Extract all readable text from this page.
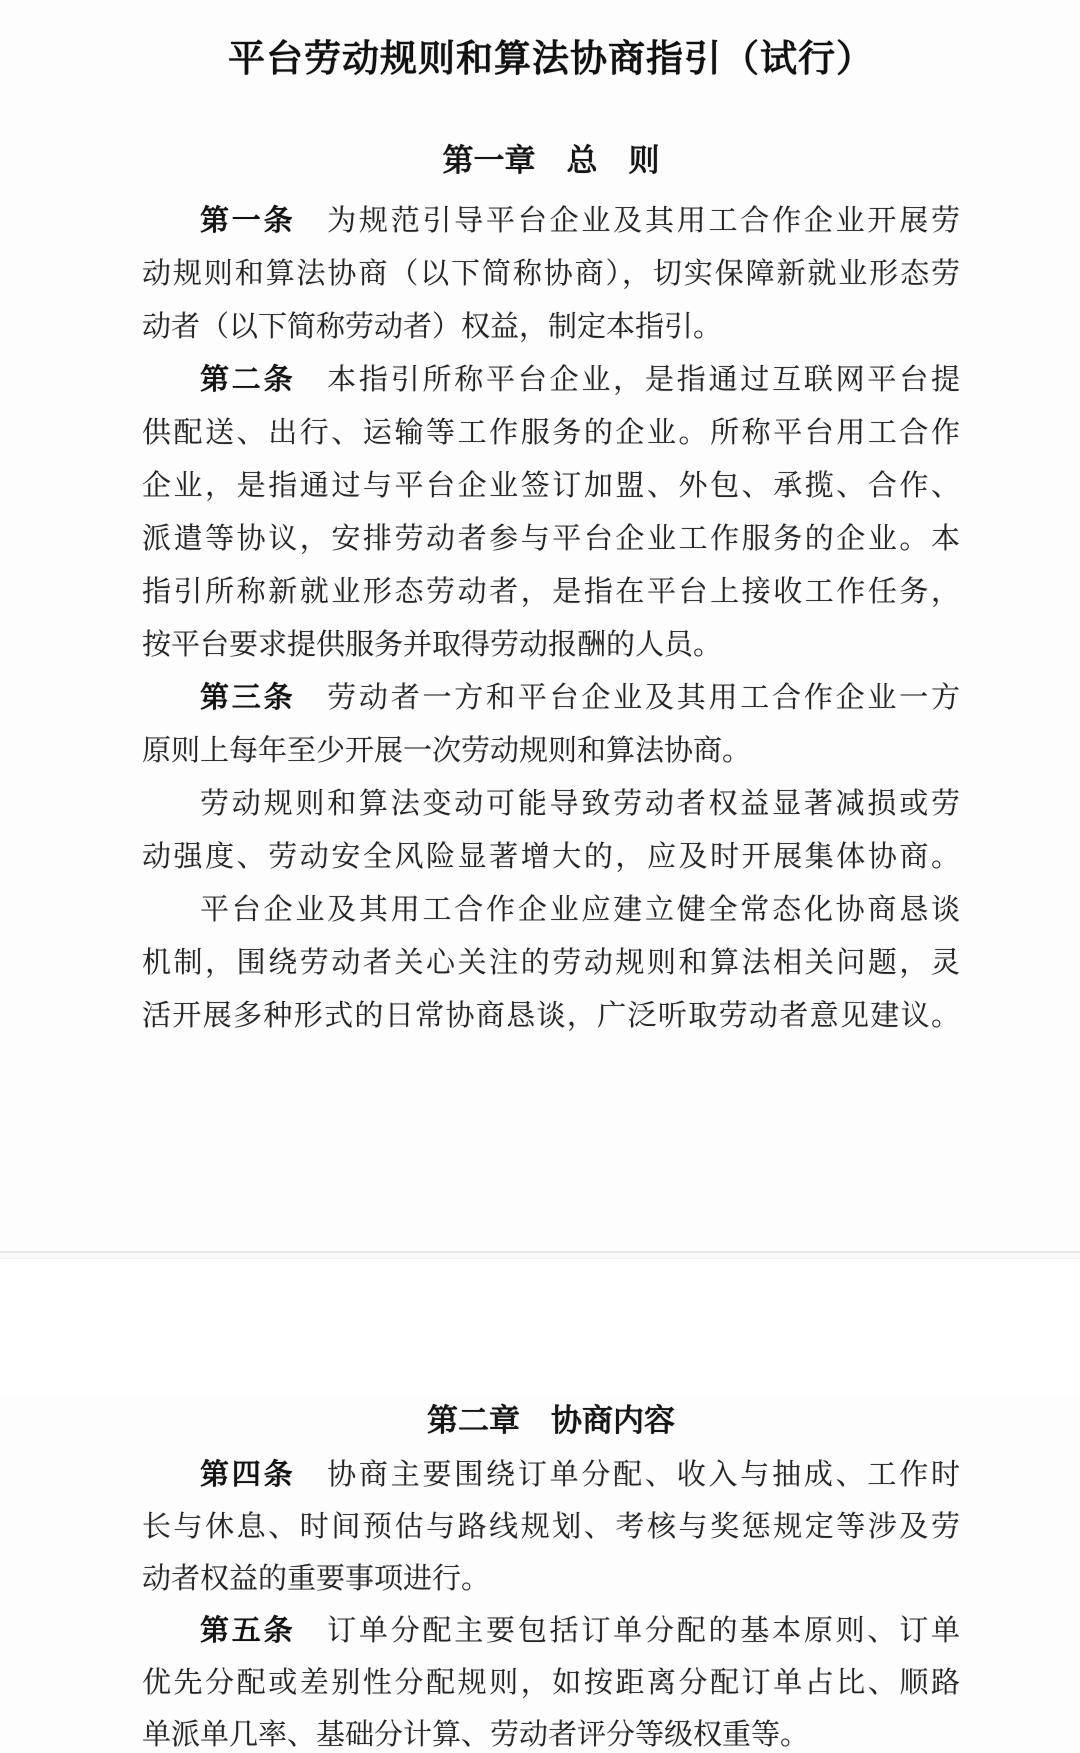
平台劳动规则和算法协商指引（试行）
第一章　总　则
第一条　为规范引导平台企业及其用工合作企业开展劳
动规则和算法协商（以下简称协商），切实保障新就业形态劳
动者（以下简称劳动者）权益，制定本指引。
第二条　本指引所称平台企业，是指通过互联网平台提
供配送、出行、运输等工作服务的企业。所称平台用工合作
企业，是指通过与平台企业签订加盟、外包、承揽、合作、
派遣等协议，安排劳动者参与平台企业工作服务的企业。本
指引所称新就业形态劳动者，是指在平台上接收工作任务，
按平台要求提供服务并取得劳动报酬的人员。
第三条　劳动者一方和平台企业及其用工合作企业一方
原则上每年至少开展一次劳动规则和算法协商。
劳动规则和算法变动可能导致劳动者权益显著减损或劳
动强度、劳动安全风险显著增大的，应及时开展集体协商。
平台企业及其用工合作企业应建立健全常态化协商恳谈
机制，围绕劳动者关心关注的劳动规则和算法相关问题，灵
活开展多种形式的日常协商恳谈，广泛听取劳动者意见建议。
第二章　协商内容
第四条　协商主要围绕订单分配、收入与抽成、工作时
长与休息、时间预估与路线规划、考核与奖惩规定等涉及劳
动者权益的重要事项进行。
第五条　订单分配主要包括订单分配的基本原则、订单
优先分配或差别性分配规则，如按距离分配订单占比、顺路
单派单几率、基础分计算、劳动者评分等级权重等。
